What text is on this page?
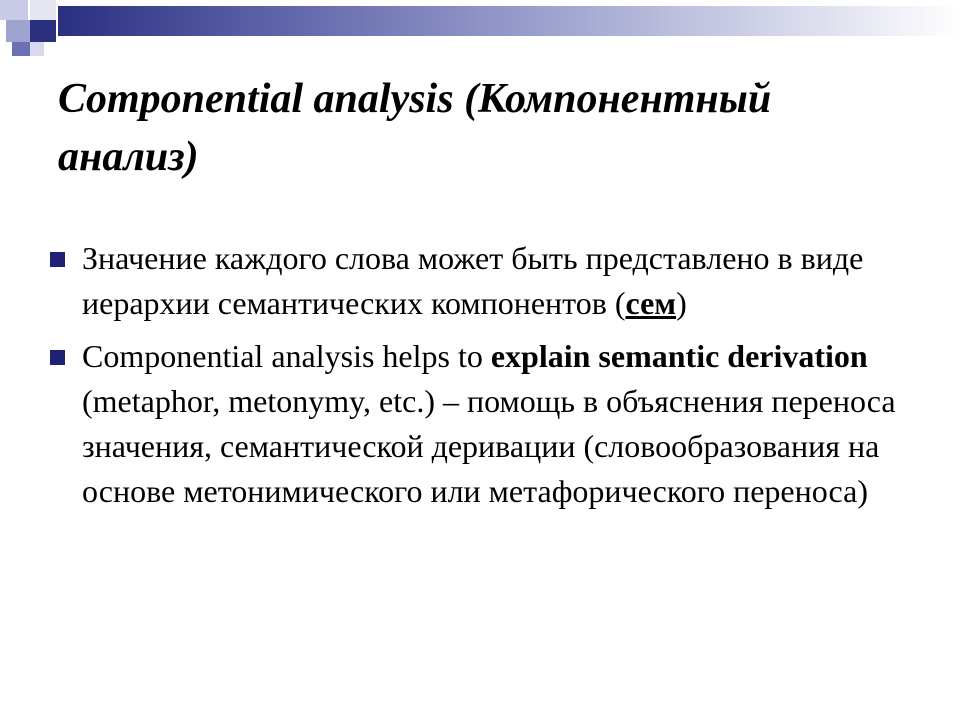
Componential analysis (Компонентный анализ)
Значение каждого слова может быть представлено в виде иерархии семантических компонентов (сем)
Componential analysis helps to explain semantic derivation (metaphor, metonymy, etc.) – помощь в объяснения переноса значения, семантической деривации (словообразования на основе метонимического или метафорического переноса)
